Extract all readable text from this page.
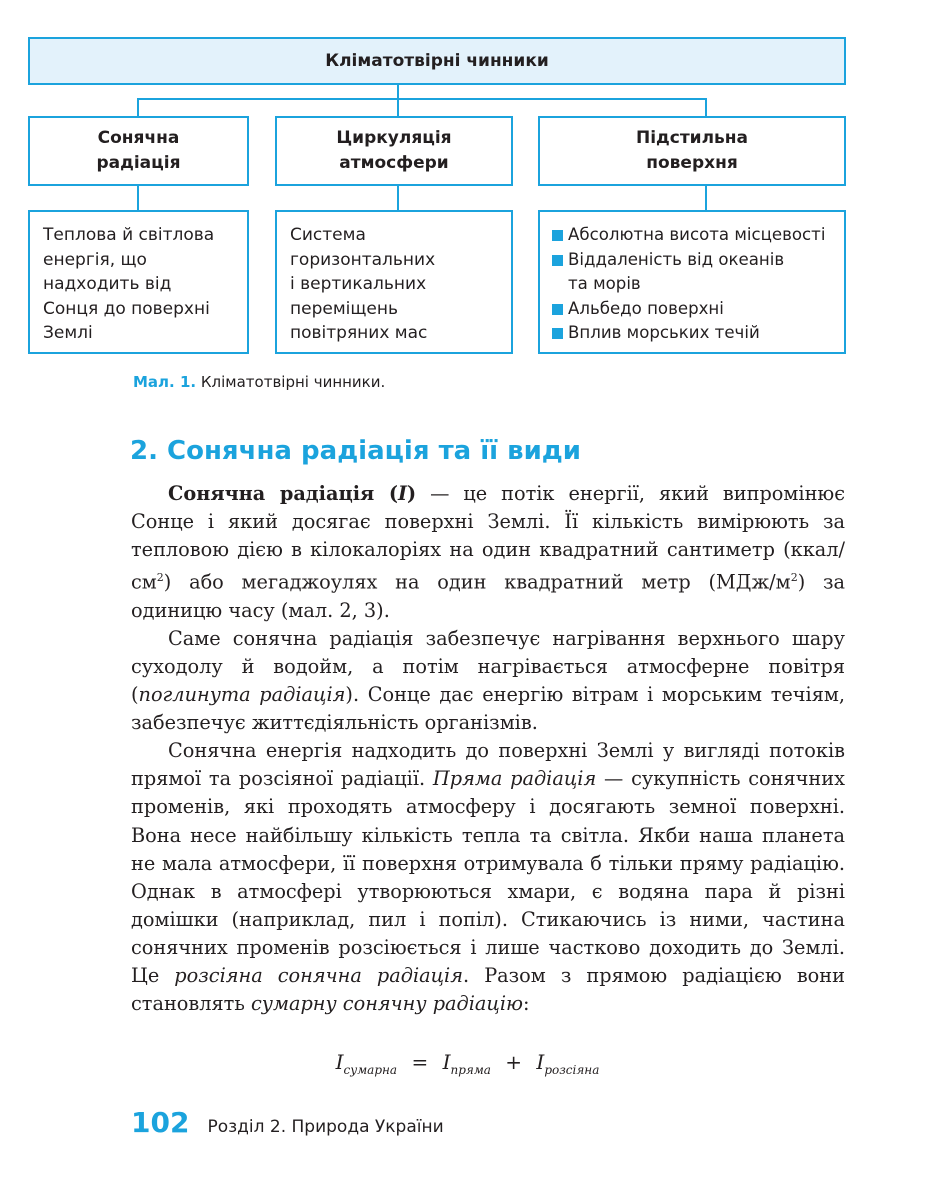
Кліматотвірні чинники
Сонячна
радіація
Циркуляція
атмосфери
Підстильна
поверхня
Теплова й світлова
енергія, що
надходить від
Сонця до поверхні
Землі
Система
горизонтальних
і вертикальних
переміщень
повітряних мас
Абсолютна висота місцевості
Віддаленість від океанів
та морів
Альбедо поверхні
Вплив морських течій
Мал. 1. Кліматотвірні чинники.
2. Сонячна радіація та її види

Сонячна радіація (I) — це потік енергії, який випромінює Сонце і який досягає поверхні Землі. Її кількість вимірюють за тепловою дією в кілокалоріях на один квадратний сантиметр $(ккал/см^2)$ або мегаджоулях на один квадратний метр $(МДж/м^2)$ за одиницю часу (мал. 2, 3).

Саме сонячна радіація забезпечує нагрівання верхнього шару суходолу й водойм, а потім нагрівається атмосферне повітря (поглинута радіація). Сонце дає енергію вітрам і морським течіям, забезпечує життєдіяльність організмів.

Сонячна енергія надходить до поверхні Землі у вигляді потоків прямої та розсіяної радіації. Пряма радіація — сукупність сонячних променів, які проходять атмосферу і досягають земної поверхні. Вона несе найбільшу кількість тепла та світла. Якби наша планета не мала атмосфери, її поверхня отримувала б тільки пряму радіацію. Однак в атмосфері утворюються хмари, є водяна пара й різні домішки (наприклад, пил і попіл). Стикаючись із ними, частина сонячних променів розсіюється і лише частково доходить до Землі. Це розсіяна сонячна радіація. Разом з прямою радіацією вони становлять сумарну сонячну радіацію:

$I_{сумарна} = I_{пряма} + I_{розсіяна}$
102 Розділ 2. Природа України
